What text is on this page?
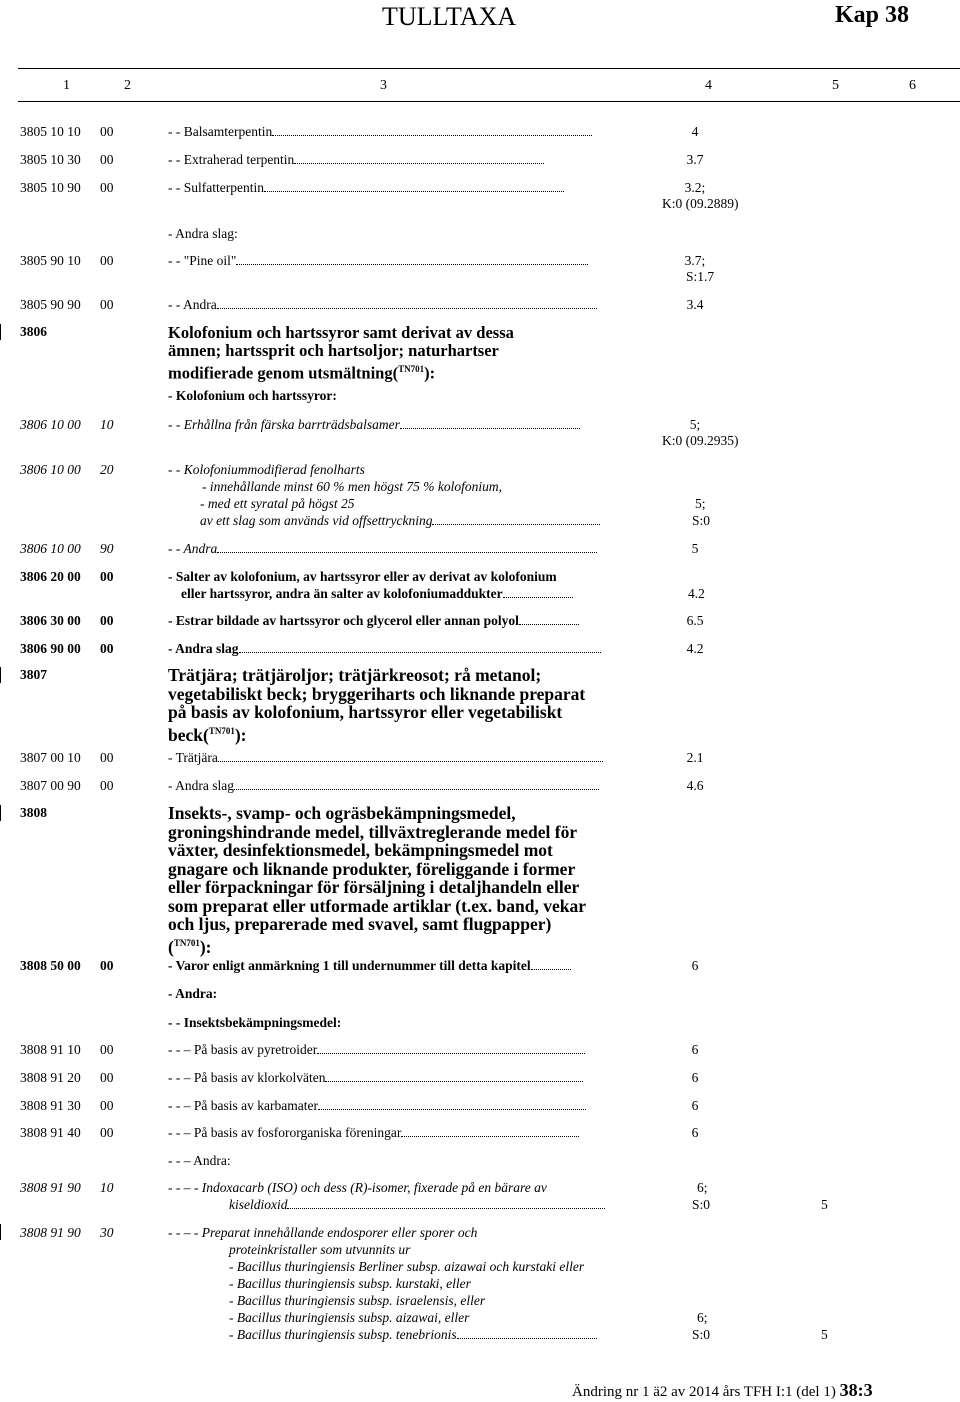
TULLTAXA	Kap 38
1	2	3	4	5	6
3805 10 10 00	- - Balsamterpentin	4
3805 10 30 00	- - Extraherad terpentin	3.7
3805 10 90 00	- - Sulfatterpentin	3.2;
K:0 (09.2889)
- Andra slag:
3805 90 10 00	- - "Pine oil"	3.7;
S:1.7
3805 90 90 00	- - Andra	3.4
3806	Kolofonium och hartssyror samt derivat av dessa
ämnen; hartssprit och hartsoljor; naturhartser
modifierade genom utsmältning($^{TN701}$):
- Kolofonium och hartssyror:
3806 10 00 10	- - Erhållna från färska barrträdsbalsamer	5;
K:0 (09.2935)
3806 10 00 20	- - Kolofoniummodifierad fenolharts
- innehållande minst 60 % men högst 75 % kolofonium,
- med ett syratal på högst 25
av ett slag som används vid offsettryckning
5;
S:0
3806 10 00 90	- - Andra	5
3806 20 00 00	- Salter av kolofonium, av hartssyror eller av derivat av kolofonium
eller hartssyror, andra än salter av kolofoniumaddukter	4.2
3806 30 00 00	- Estrar bildade av hartssyror och glycerol eller annan polyol	6.5
3806 90 00 00	- Andra slag	4.2
3807	Trätjära; trätjäroljor; trätjärkreosot; rå metanol;
vegetabiliskt beck; bryggeriharts och liknande preparat
på basis av kolofonium, hartssyror eller vegetabiliskt
beck($^{TN701}$):
3807 00 10 00	- Trätjära	2.1
3807 00 90 00	- Andra slag	4.6
3808	Insekts-, svamp- och ogräsbekämpningsmedel,
groningshindrande medel, tillväxtreglerande medel för
växter, desinfektionsmedel, bekämpningsmedel mot
gnagare och liknande produkter, föreliggande i former
eller förpackningar för försäljning i detaljhandeln eller
som preparat eller utformade artiklar (t.ex. band, vekar
och ljus, preparerade med svavel, samt flugpapper)
($^{TN701}$):
3808 50 00 00	- Varor enligt anmärkning 1 till undernummer till detta kapitel	6
- Andra:
- - Insektsbekämpningsmedel:
3808 91 10 00	- - – På basis av pyretroider	6
3808 91 20 00	- - – På basis av klorkolväten	6
3808 91 30 00	- - – På basis av karbamater	6
3808 91 40 00	- - – På basis av fosfororganiska föreningar	6
- - – Andra:
3808 91 90 10	- - – - Indoxacarb (ISO) och dess (R)-isomer, fixerade på en bärare av
kiseldioxid
6;
S:0	5
3808 91 90 30	- - – - Preparat innehållande endosporer eller sporer och
proteinkristaller som utvunnits ur
- Bacillus thuringiensis Berliner subsp. aizawai och kurstaki eller
- Bacillus thuringiensis subsp. kurstaki, eller
- Bacillus thuringiensis subsp. israelensis, eller
- Bacillus thuringiensis subsp. aizawai, eller
- Bacillus thuringiensis subsp. tenebrionis
6;
S:0	5
Ändring nr 1 ä2 av 2014 års TFH I:1 (del 1) 38:3
